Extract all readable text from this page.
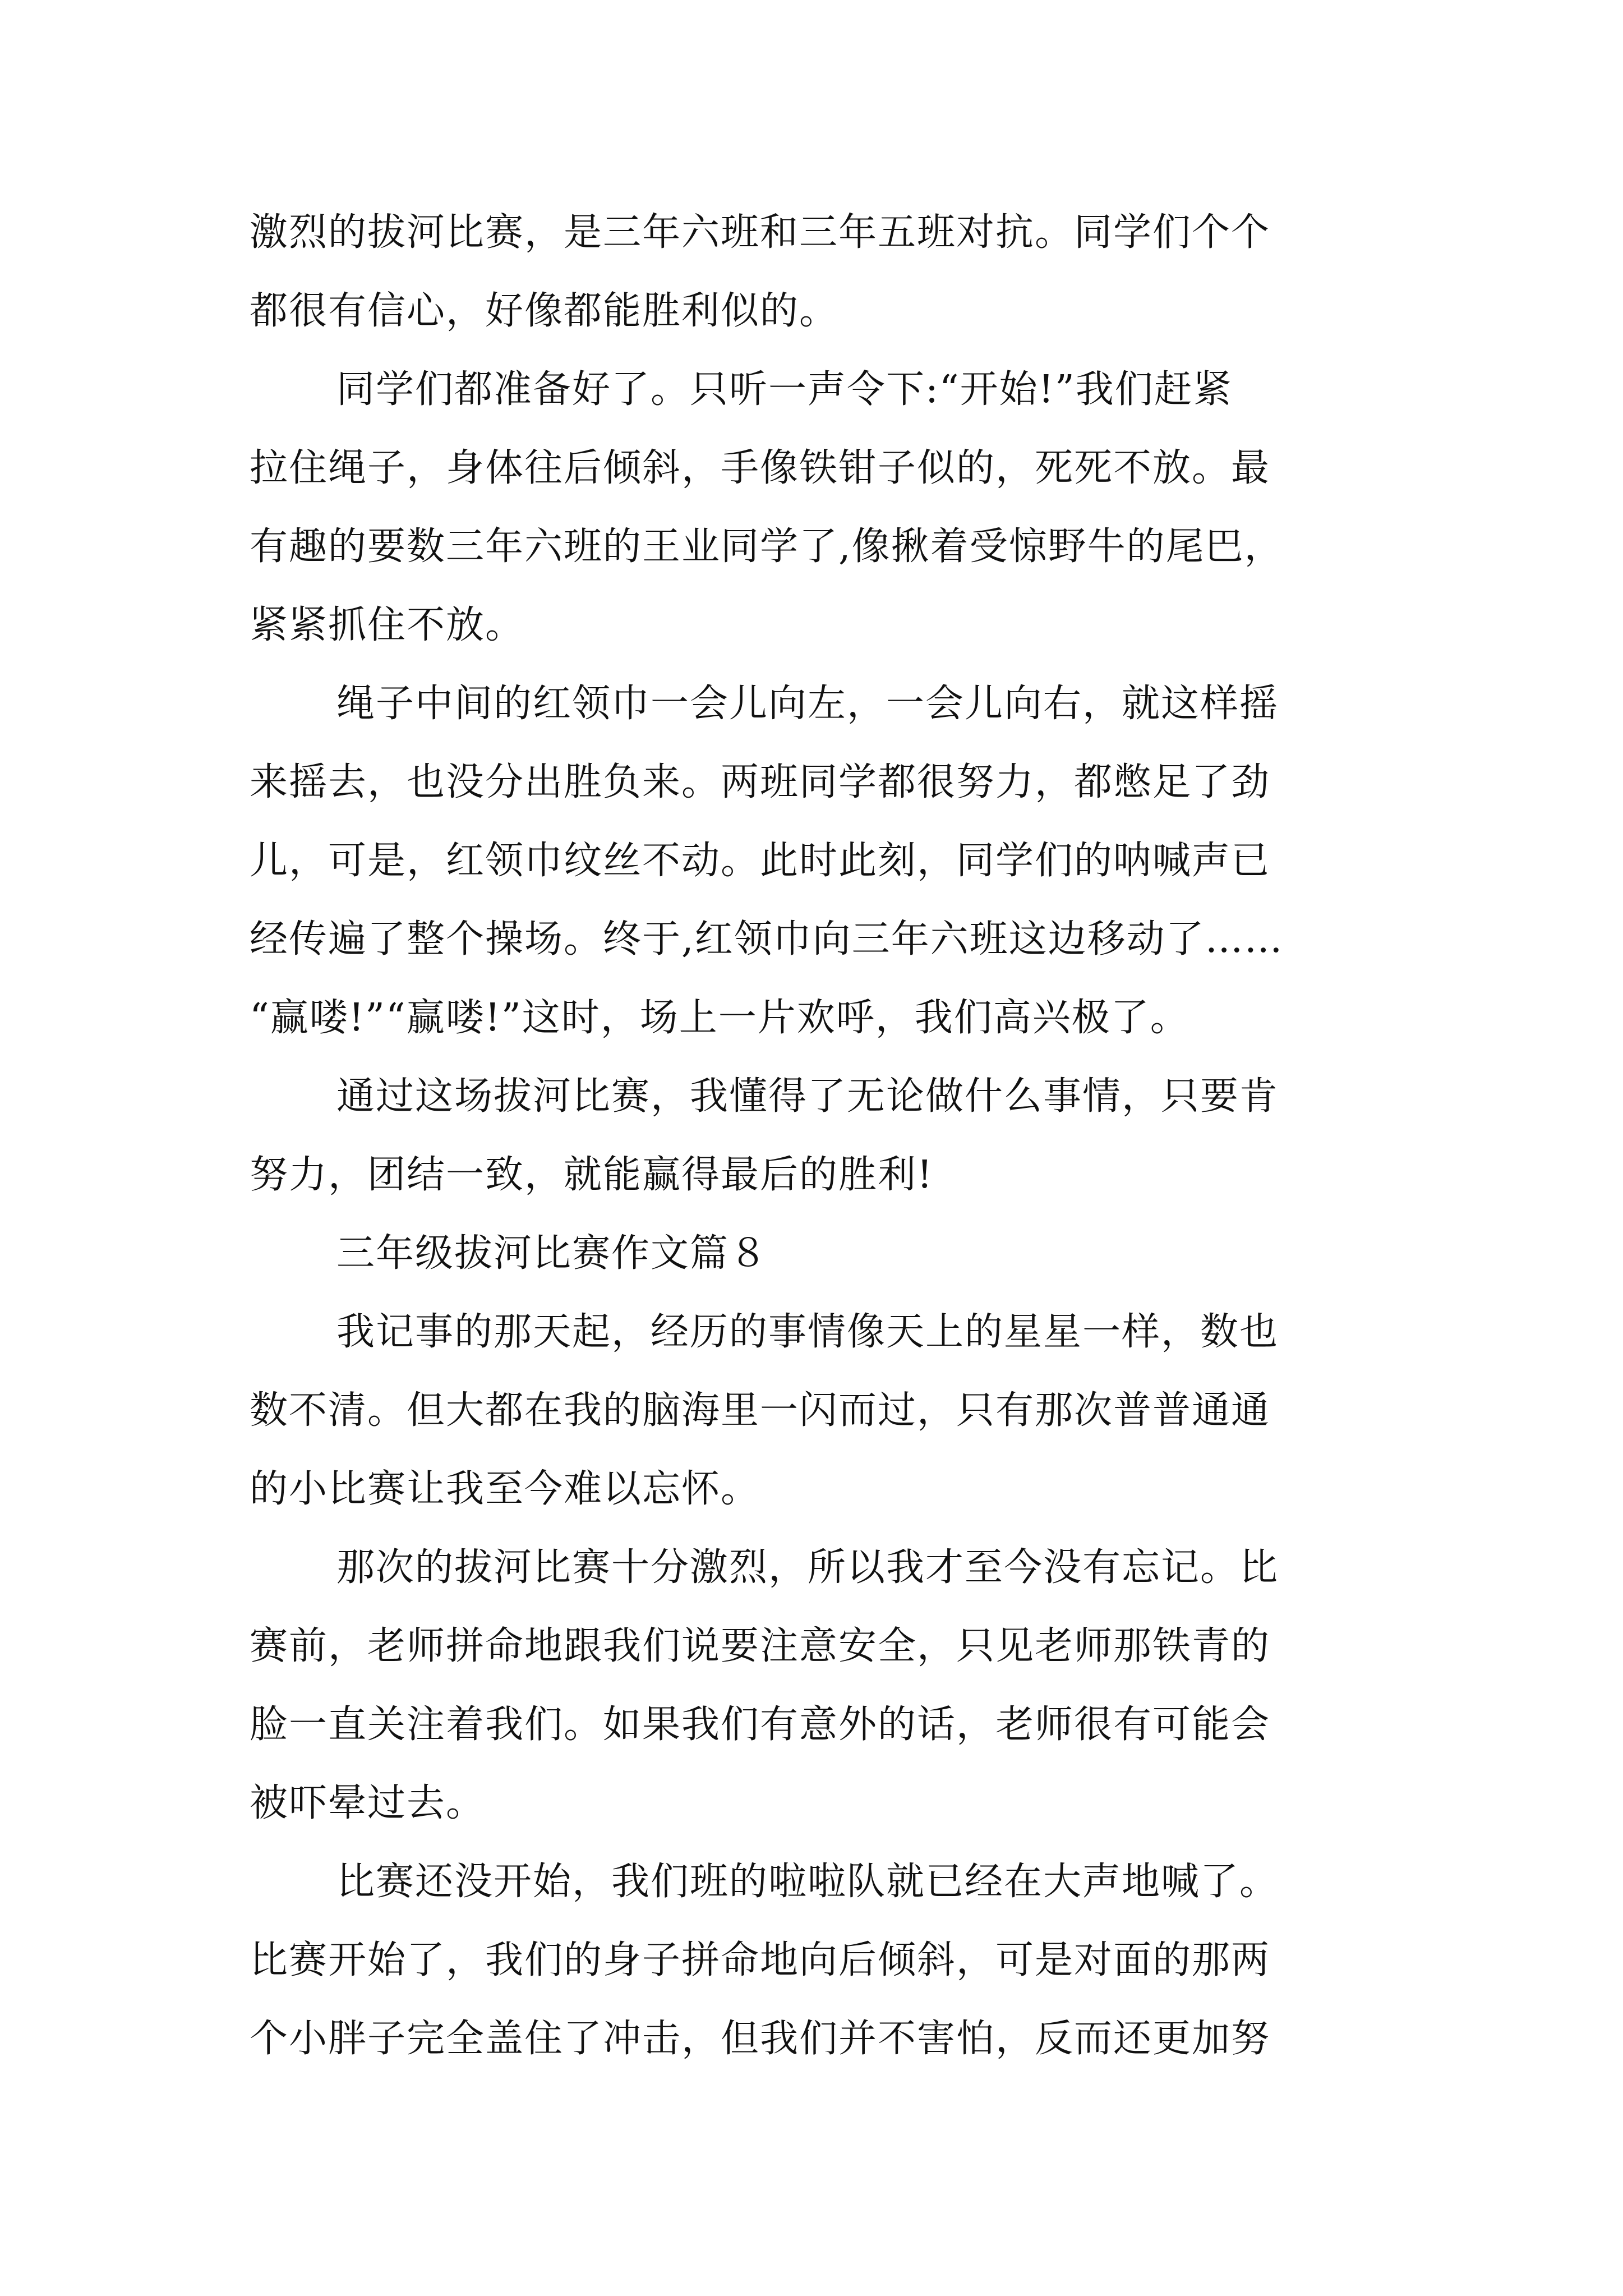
激烈的拔河比赛，是三年六班和三年五班对抗。同学们个个
都很有信心，好像都能胜利似的。
同学们都准备好了。只听一声令下:“开始!”我们赶紧
拉住绳子，身体往后倾斜，手像铁钳子似的，死死不放。最
有趣的要数三年六班的王业同学了,像揪着受惊野牛的尾巴，
紧紧抓住不放。
绳子中间的红领巾一会儿向左，一会儿向右，就这样摇
来摇去，也没分出胜负来。两班同学都很努力，都憋足了劲
儿，可是，红领巾纹丝不动。此时此刻，同学们的呐喊声已
经传遍了整个操场。终于,红领巾向三年六班这边移动了……
“赢喽!”“赢喽!”这时，场上一片欢呼，我们高兴极了。
通过这场拔河比赛，我懂得了无论做什么事情，只要肯
努力，团结一致，就能赢得最后的胜利!
三年级拔河比赛作文篇８
我记事的那天起，经历的事情像天上的星星一样，数也
数不清。但大都在我的脑海里一闪而过，只有那次普普通通
的小比赛让我至今难以忘怀。
那次的拔河比赛十分激烈，所以我才至今没有忘记。比
赛前，老师拼命地跟我们说要注意安全，只见老师那铁青的
脸一直关注着我们。如果我们有意外的话，老师很有可能会
被吓晕过去。
比赛还没开始，我们班的啦啦队就已经在大声地喊了。
比赛开始了，我们的身子拼命地向后倾斜，可是对面的那两
个小胖子完全盖住了冲击，但我们并不害怕，反而还更加努
